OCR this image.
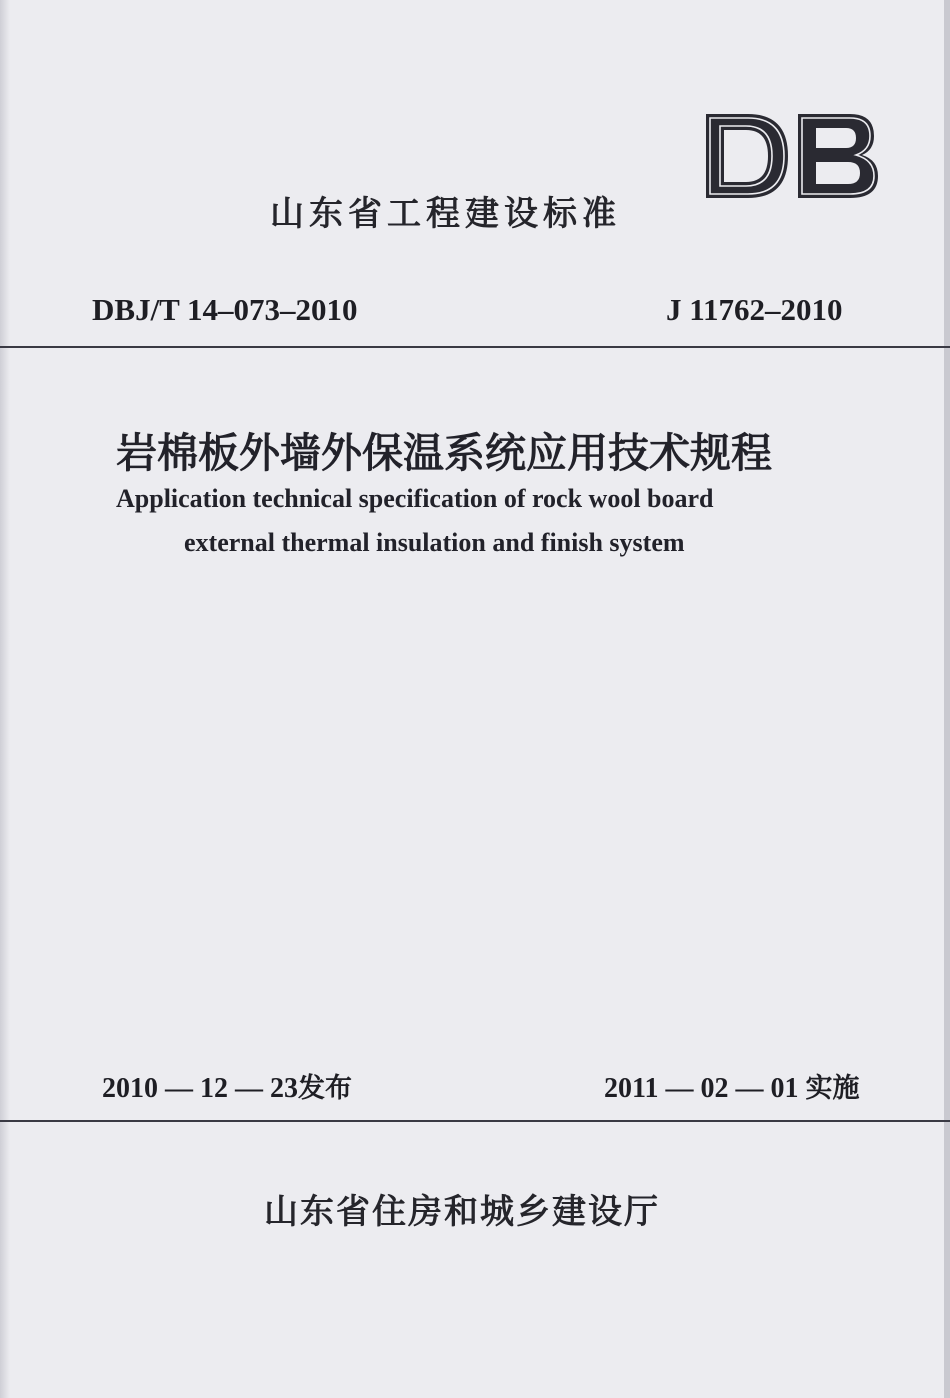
山东省工程建设标准
DBJ/T 14–073–2010	J 11762–2010
岩棉板外墙外保温系统应用技术规程
Application technical specification of rock wool board
external thermal insulation and finish system
2010 — 12 — 23发布	2011 — 02 — 01 实施
山东省住房和城乡建设厅
